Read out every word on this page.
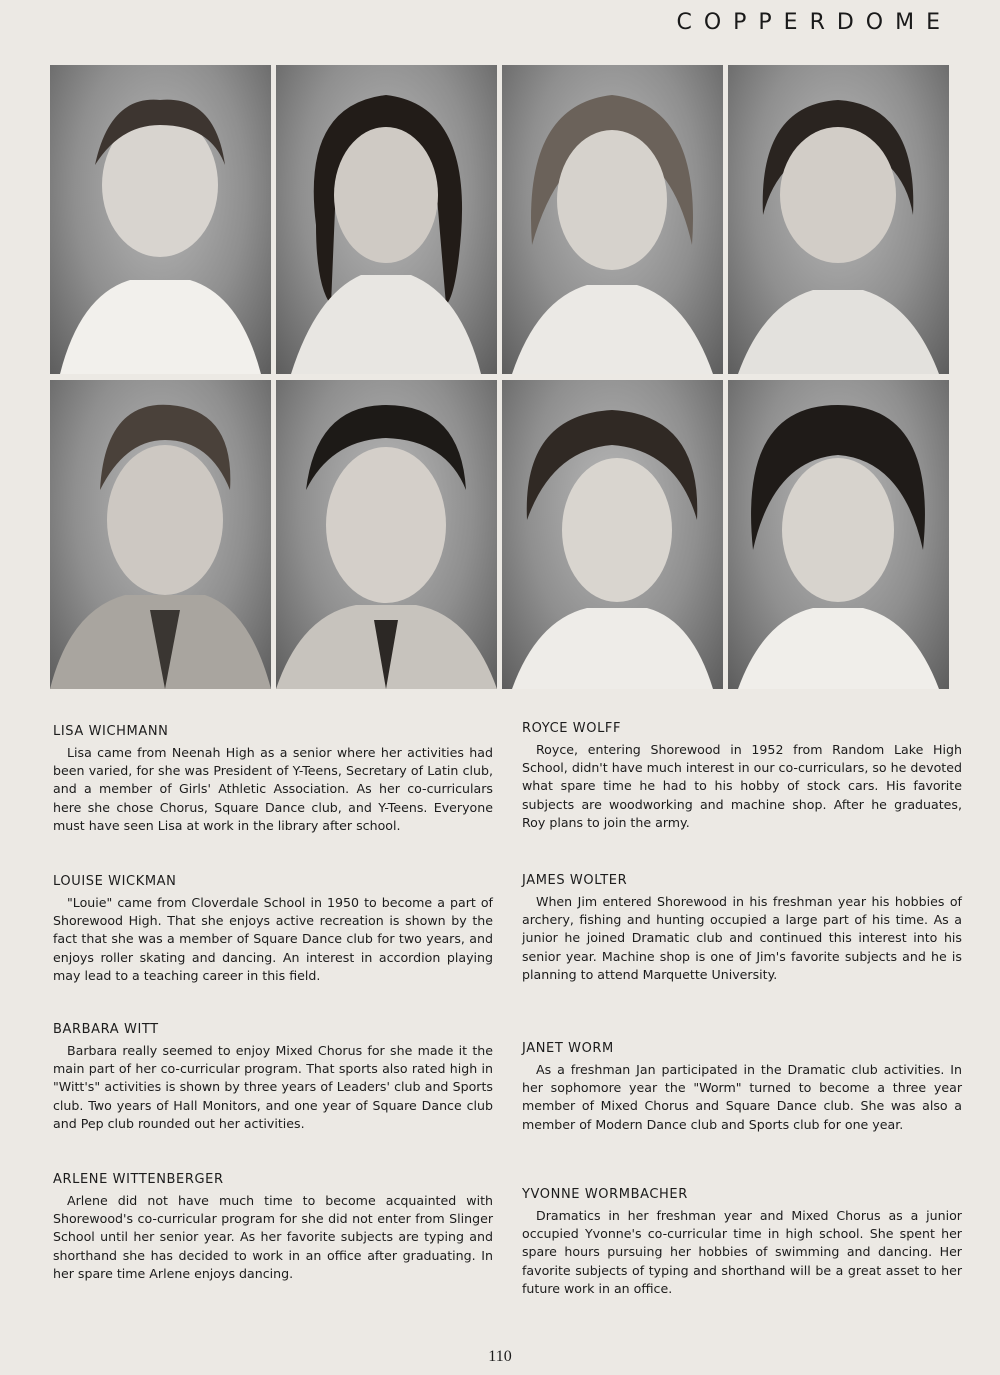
COPPERDOME

LISA WICHMANN

Lisa came from Neenah High as a senior where her activities had been varied, for she was President of Y-Teens, Secretary of Latin club, and a member of Girls' Athletic Association. As her co-curriculars here she chose Chorus, Square Dance club, and Y-Teens. Everyone must have seen Lisa at work in the library after school.

LOUISE WICKMAN

"Louie" came from Cloverdale School in 1950 to become a part of Shorewood High. That she enjoys active recreation is shown by the fact that she was a member of Square Dance club for two years, and enjoys roller skating and dancing. An interest in accordion playing may lead to a teaching career in this field.

BARBARA WITT

Barbara really seemed to enjoy Mixed Chorus for she made it the main part of her co-curricular program. That sports also rated high in "Witt's" activities is shown by three years of Leaders' club and Sports club. Two years of Hall Monitors, and one year of Square Dance club and Pep club rounded out her activities.

ARLENE WITTENBERGER

Arlene did not have much time to become acquainted with Shorewood's co-curricular program for she did not enter from Slinger School until her senior year. As her favorite subjects are typing and shorthand she has decided to work in an office after graduating. In her spare time Arlene enjoys dancing.

ROYCE WOLFF

Royce, entering Shorewood in 1952 from Random Lake High School, didn't have much interest in our co-curriculars, so he devoted what spare time he had to his hobby of stock cars. His favorite subjects are woodworking and machine shop. After he graduates, Roy plans to join the army.

JAMES WOLTER

When Jim entered Shorewood in his freshman year his hobbies of archery, fishing and hunting occupied a large part of his time. As a junior he joined Dramatic club and continued this interest into his senior year. Machine shop is one of Jim's favorite subjects and he is planning to attend Marquette University.

JANET WORM

As a freshman Jan participated in the Dramatic club activities. In her sophomore year the "Worm" turned to become a three year member of Mixed Chorus and Square Dance club. She was also a member of Modern Dance club and Sports club for one year.

YVONNE WORMBACHER

Dramatics in her freshman year and Mixed Chorus as a junior occupied Yvonne's co-curricular time in high school. She spent her spare hours pursuing her hobbies of swimming and dancing. Her favorite subjects of typing and shorthand will be a great asset to her future work in an office.

110
